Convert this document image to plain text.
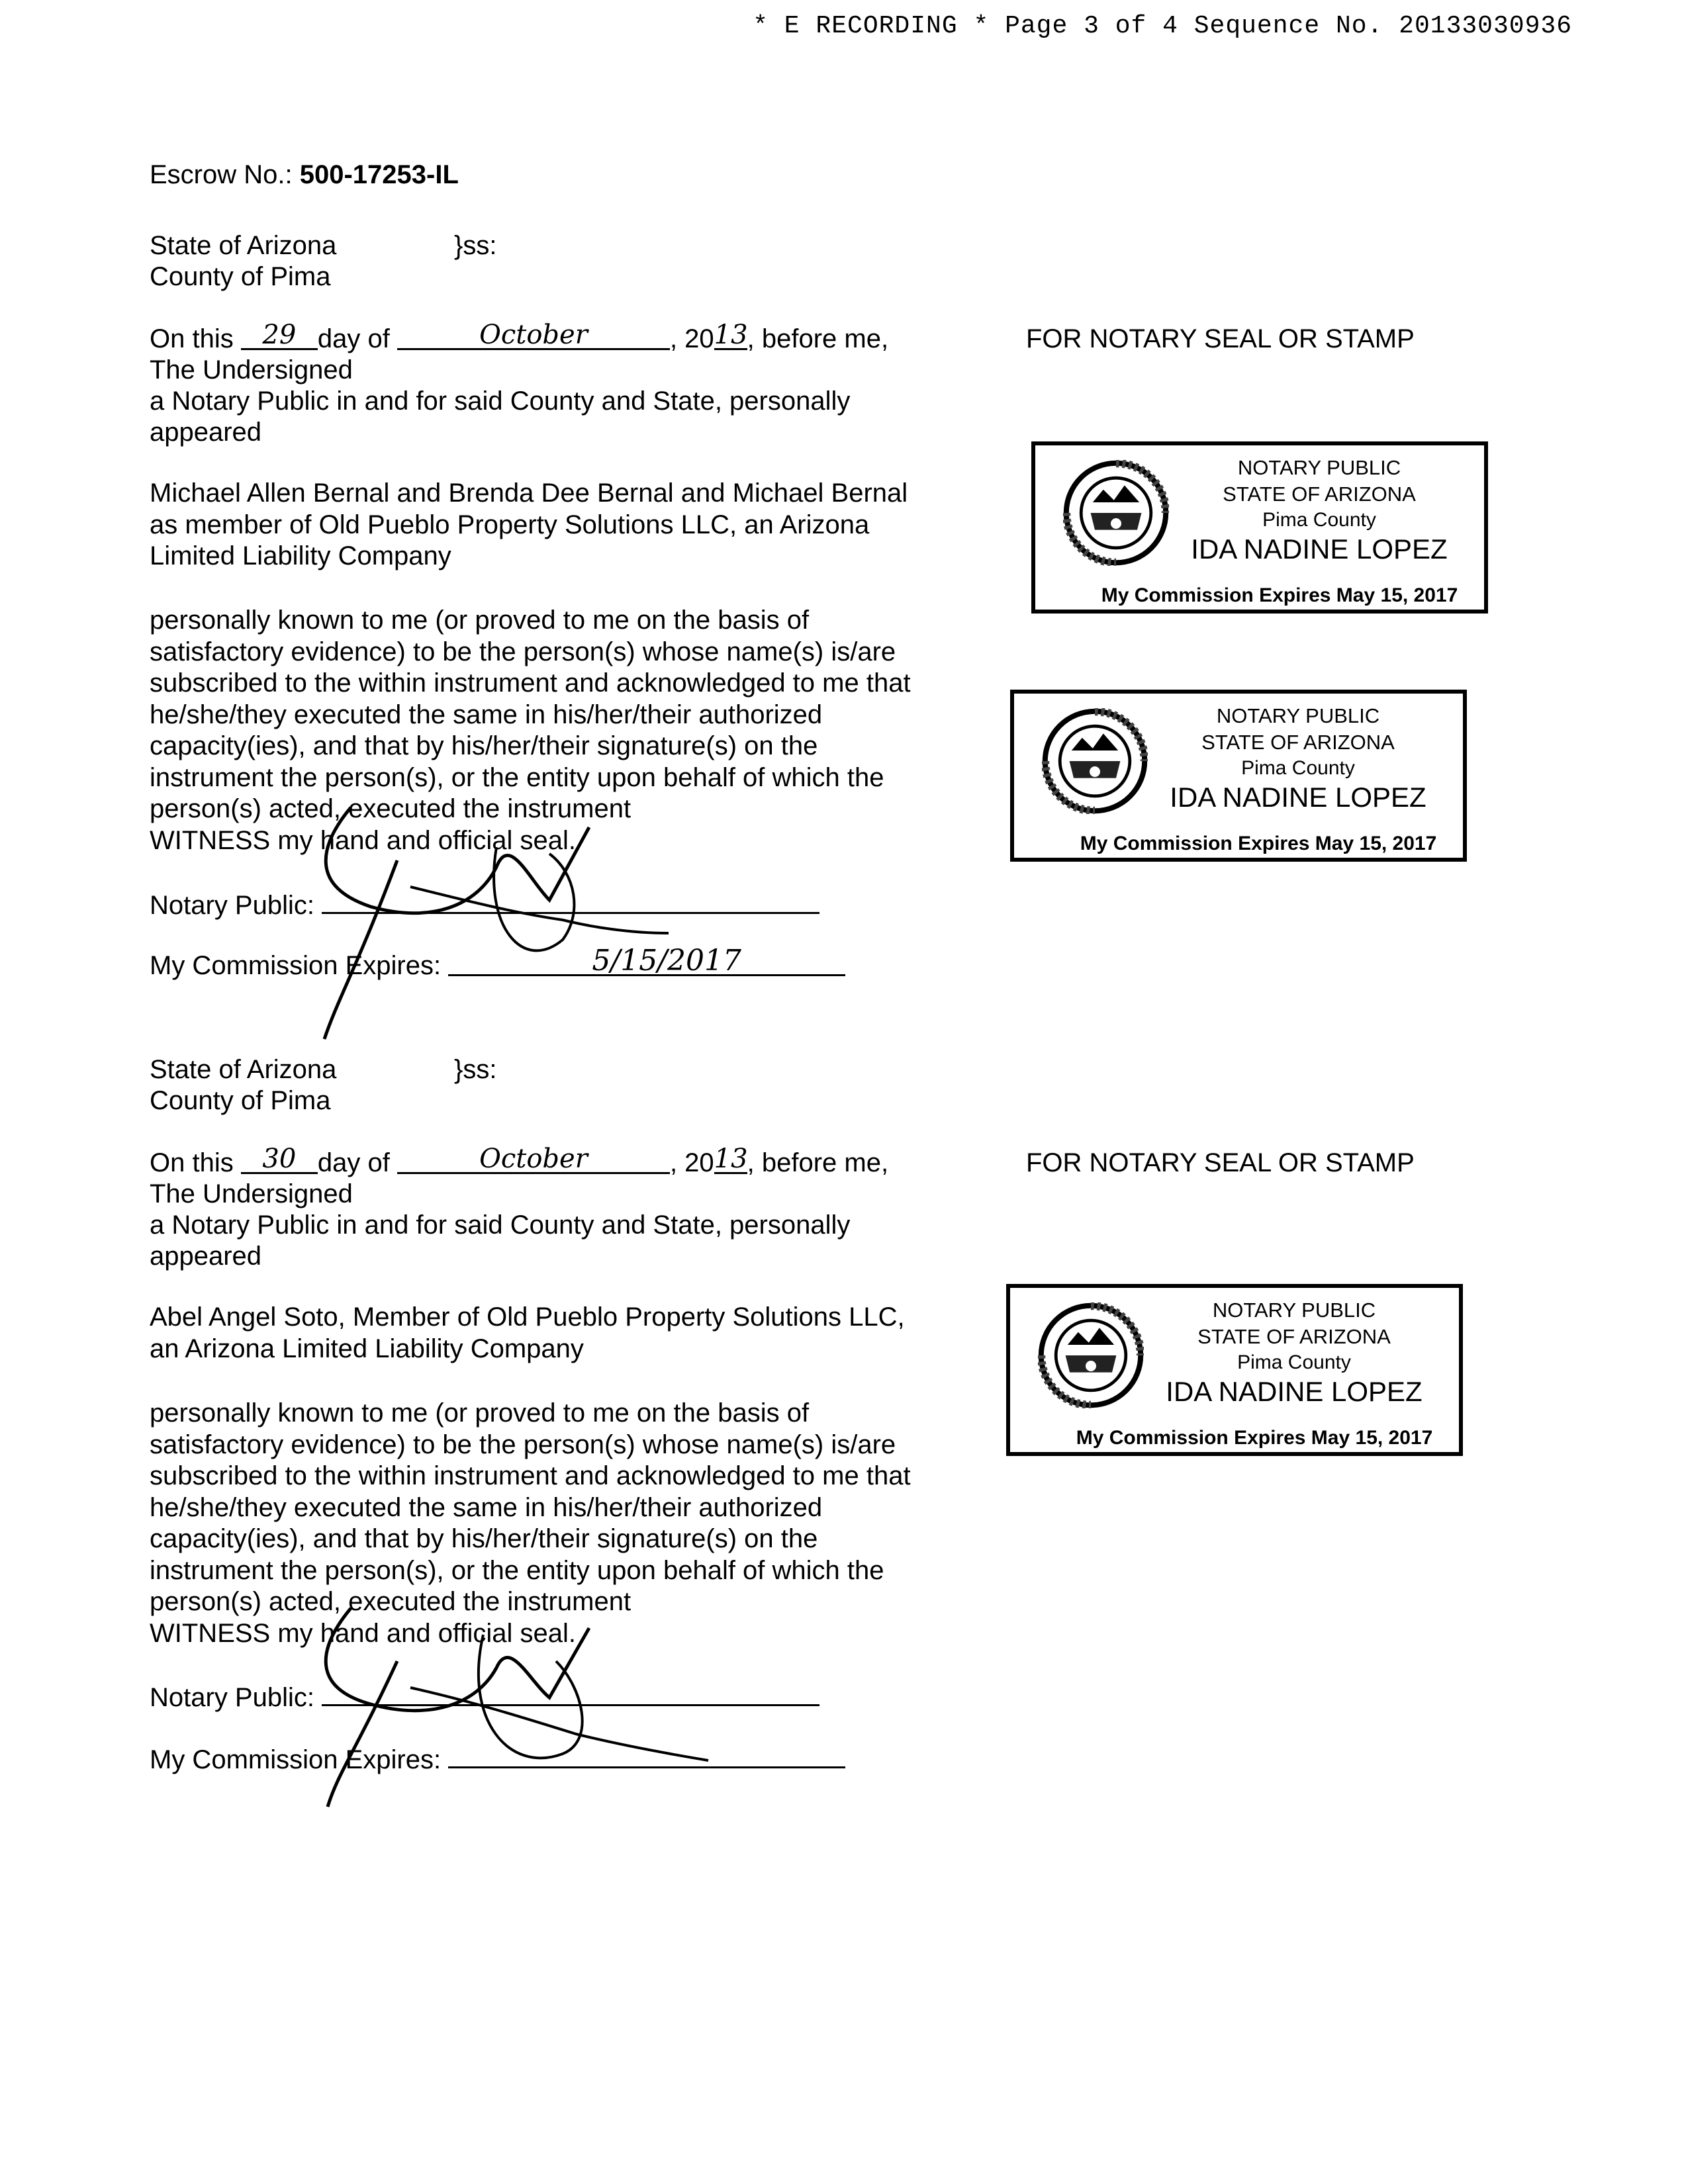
* E RECORDING * Page 3 of 4 Sequence No. 20133030936
Escrow No.: 500-17253-IL
State of Arizona	}ss:
County of Pima
On this 29 day of	October	, 2013, before me,	FOR NOTARY SEAL OR STAMP
The Undersigned
a Notary Public in and for said County and State, personally
appeared
Michael Allen Bernal and Brenda Dee Bernal and Michael Bernal
as member of Old Pueblo Property Solutions LLC, an Arizona
Limited Liability Company
personally known to me (or proved to me on the basis of
satisfactory evidence) to be the person(s) whose name(s) is/are
subscribed to the within instrument and acknowledged to me that
he/she/they executed the same in his/her/their authorized
capacity(ies), and that by his/her/their signature(s) on the
instrument the person(s), or the entity upon behalf of which the
person(s) acted, executed the instrument
WITNESS my hand and official seal.
Notary Public:
My Commission Expires:	5/15/2017
State of Arizona	}ss:
County of Pima
On this 30 day of	October	, 2013, before me,	FOR NOTARY SEAL OR STAMP
The Undersigned
a Notary Public in and for said County and State, personally
appeared
Abel Angel Soto, Member of Old Pueblo Property Solutions LLC,
an Arizona Limited Liability Company
personally known to me (or proved to me on the basis of
satisfactory evidence) to be the person(s) whose name(s) is/are
subscribed to the within instrument and acknowledged to me that
he/she/they executed the same in his/her/their authorized
capacity(ies), and that by his/her/their signature(s) on the
instrument the person(s), or the entity upon behalf of which the
person(s) acted, executed the instrument
WITNESS my hand and official seal.
Notary Public:
My Commission Expires:
NOTARY PUBLIC
STATE OF ARIZONA
Pima County
IDA NADINE LOPEZ
My Commission Expires May 15, 2017
NOTARY PUBLIC
STATE OF ARIZONA
Pima County
IDA NADINE LOPEZ
My Commission Expires May 15, 2017
NOTARY PUBLIC
STATE OF ARIZONA
Pima County
IDA NADINE LOPEZ
My Commission Expires May 15, 2017
